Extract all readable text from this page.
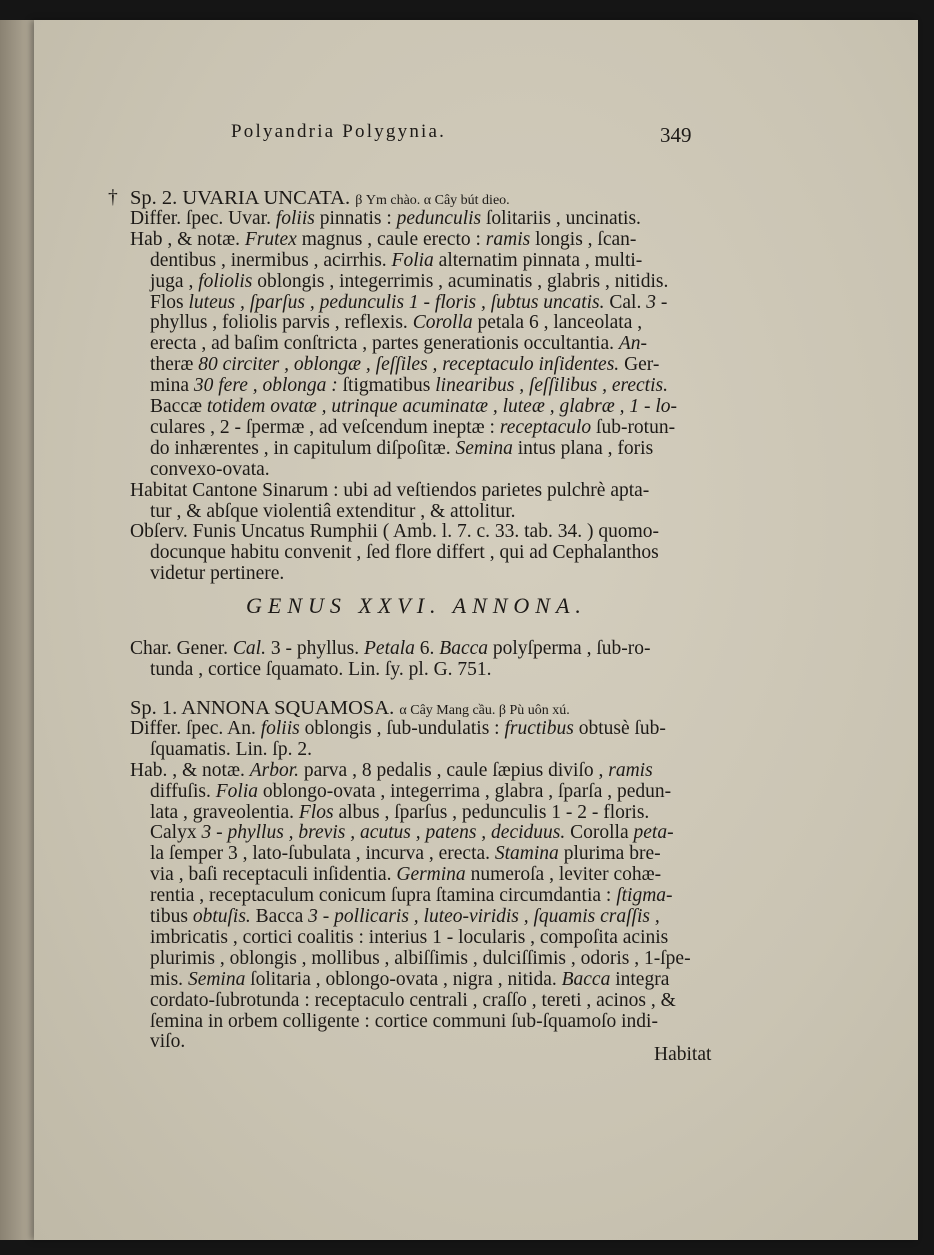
Polyandria Polygynia.	349
Sp. 2. UVARIA UNCATA. β Ym chào. α Cây bút dieo.
Differ. ſpec. Uvar. foliis pinnatis : pedunculis ſolitariis , uncinatis.
Hab , & notæ. Frutex magnus , caule erecto : ramis longis , ſcan-
dentibus , inermibus , acirrhis. Folia alternatim pinnata , multi-
juga , foliolis oblongis , integerrimis , acuminatis , glabris , nitidis.
Flos luteus , ſparſus , pedunculis 1 - floris , ſubtus uncatis. Cal. 3 -
phyllus , foliolis parvis , reflexis. Corolla petala 6 , lanceolata ,
erecta , ad baſim conſtricta , partes generationis occultantia. An-
theræ 80 circiter , oblongæ , ſeſſiles , receptaculo inſidentes. Ger-
mina 30 fere , oblonga : ſtigmatibus linearibus , ſeſſilibus , erectis.
Baccæ totidem ovatæ , utrinque acuminatæ , luteæ , glabræ , 1 - lo-
culares , 2 - ſpermæ , ad veſcendum ineptæ : receptaculo ſub-rotun-
do inhærentes , in capitulum diſpoſitæ. Semina intus plana , foris
convexo-ovata.
Habitat Cantone Sinarum : ubi ad veſtiendos parietes pulchrè apta-
tur , & abſque violentiâ extenditur , & attolitur.
Obſerv. Funis Uncatus Rumphii ( Amb. l. 7. c. 33. tab. 34. ) quomo-
docunque habitu convenit , ſed flore differt , qui ad Cephalanthos
videtur pertinere.
†
GENUS XXVI. ANNONA.
Char. Gener. Cal. 3 - phyllus. Petala 6. Bacca polyſperma , ſub-ro-
tunda , cortice ſquamato. Lin. ſy. pl. G. 751.
Sp. 1. ANNONA SQUAMOSA. α Cây Mang cầu. β Pù uôn xú.
Differ. ſpec. An. foliis oblongis , ſub-undulatis : fructibus obtusè ſub-
ſquamatis. Lin. ſp. 2.
Hab. , & notæ. Arbor. parva , 8 pedalis , caule ſæpius diviſo , ramis
diffuſis. Folia oblongo-ovata , integerrima , glabra , ſparſa , pedun-
lata , graveolentia. Flos albus , ſparſus , pedunculis 1 - 2 - floris.
Calyx 3 - phyllus , brevis , acutus , patens , deciduus. Corolla peta-
la ſemper 3 , lato-ſubulata , incurva , erecta. Stamina plurima bre-
via , baſi receptaculi inſidentia. Germina numeroſa , leviter cohæ-
rentia , receptaculum conicum ſupra ſtamina circumdantia : ſtigma-
tibus obtuſis. Bacca 3 - pollicaris , luteo-viridis , ſquamis craſſis ,
imbricatis , cortici coalitis : interius 1 - locularis , compoſita acinis
plurimis , oblongis , mollibus , albiſſimis , dulciſſimis , odoris , 1-ſpe-
mis. Semina ſolitaria , oblongo-ovata , nigra , nitida. Bacca integra
cordato-ſubrotunda : receptaculo centrali , craſſo , tereti , acinos , &
ſemina in orbem colligente : cortice communi ſub-ſquamoſo indi-
viſo.
Habitat
